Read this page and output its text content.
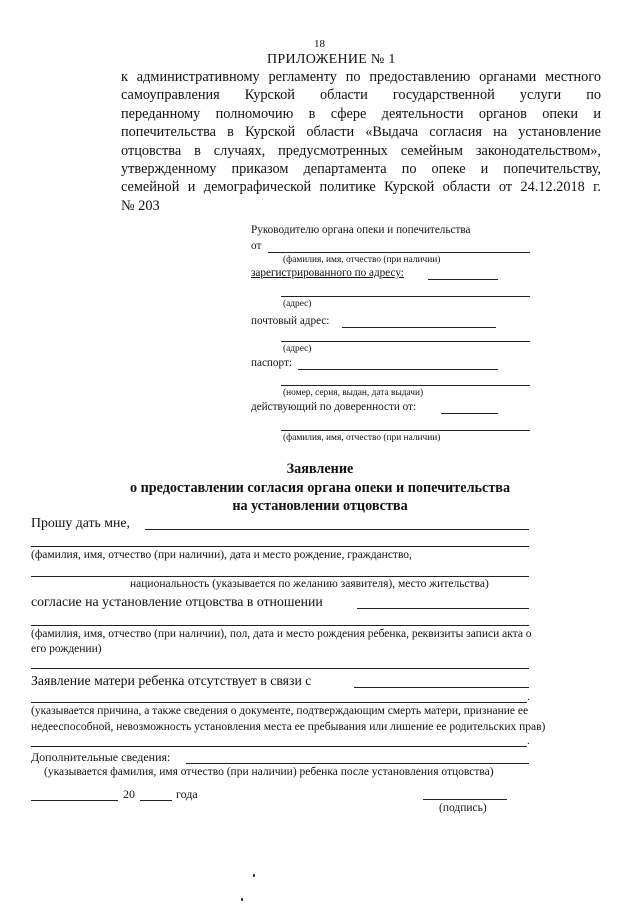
18
ПРИЛОЖЕНИЕ № 1
к административному регламенту по предоставлению органами местного
самоуправления Курской области государственной услуги по
переданному полномочию в сфере деятельности органов опеки и
попечительства в Курской области «Выдача согласия на установление
отцовства в случаях, предусмотренных семейным законодательством»,
утвержденному приказом департамента по опеке и попечительству,
семейной и демографической политике Курской области от 24.12.2018 г.
№ 203
Руководителю органа опеки и попечительства
от
(фамилия, имя, отчество (при наличии)
зарегистрированного по адресу:
(адрес)
почтовый адрес:
(адрес)
паспорт:
(номер, серия, выдан, дата выдачи)
действующий по доверенности от:
(фамилия, имя, отчество (при наличии)
Заявление
о предоставлении согласия органа опеки и попечительства
на установлении отцовства
Прошу дать мне,
(фамилия, имя, отчество (при наличии), дата и место рождение, гражданство,
национальность (указывается по желанию заявителя), место жительства)
согласие на установление отцовства в отношении
(фамилия, имя, отчество (при наличии), пол, дата и место рождения ребенка, реквизиты записи акта о
его рождении)
Заявление матери ребенка отсутствует в связи с
.
(указывается причина, а также сведения о документе, подтверждающим смерть матери, признание ее
недееспособной, невозможность установления места ее пребывания или лишение ее родительских прав)
.
Дополнительные сведения:
(указывается фамилия, имя отчество (при наличии) ребенка после установления отцовства)
20	года
(подпись)
